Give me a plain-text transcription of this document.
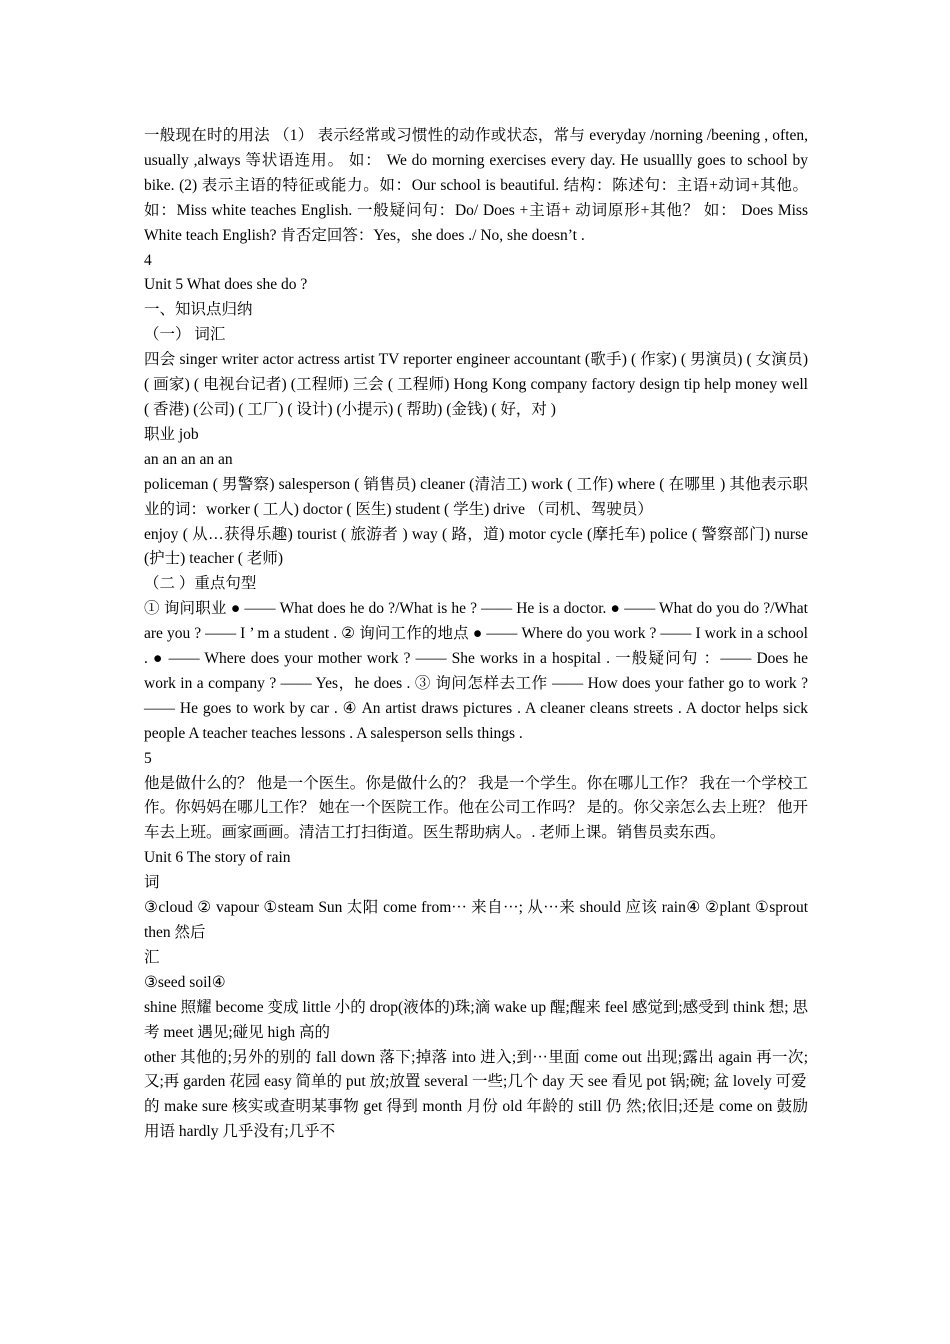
一般现在时的用法 （1） 表示经常或习惯性的动作或状态，常与 everyday /norning /beening , often, usually ,always 等状语连用。 如： We do morning exercises every day. He usuallly goes to school by bike. (2) 表示主语的特征或能力。如：Our school is beautiful. 结构：陈述句：主语+动词+其他。如：Miss white teaches English. 一般疑问句：Do/ Does +主语+ 动词原形+其他？ 如： Does Miss White teach English? 肯否定回答：Yes，she does ./ No, she doesn’t .
4
Unit 5 What does she do ?
一、知识点归纳
（一） 词汇
四会 singer writer actor actress artist TV reporter engineer accountant (歌手) ( 作家) ( 男演员) ( 女演员) ( 画家) ( 电视台记者) (工程师) 三会 ( 工程师) Hong Kong company factory design tip help money well ( 香港) (公司) ( 工厂) ( 设计) (小提示) ( 帮助) (金钱) ( 好，对 )
职业 job
an an an an an
policeman ( 男警察) salesperson ( 销售员) cleaner (清洁工) work ( 工作) where ( 在哪里 ) 其他表示职业的词：worker ( 工人) doctor ( 医生) student ( 学生) drive （司机、驾驶员）
enjoy ( 从…获得乐趣) tourist ( 旅游者 ) way ( 路，道) motor cycle (摩托车) police ( 警察部门) nurse (护士) teacher ( 老师)
（二 ）重点句型
① 询问职业 ● —— What does he do ?/What is he ? —— He is a doctor. ● —— What do you do ?/What are you ? —— I ’ m a student . ② 询问工作的地点 ● —— Where do you work ? —— I work in a school . ● —— Where does your mother work ? —— She works in a hospital . 一般疑问句 ：—— Does he work in a company ? —— Yes，he does . ③ 询问怎样去工作 —— How does your father go to work ? —— He goes to work by car . ④ An artist draws pictures . A cleaner cleans streets . A doctor helps sick people A teacher teaches lessons . A salesperson sells things .
5
他是做什么的？ 他是一个医生。你是做什么的？ 我是一个学生。你在哪儿工作？ 我在一个学校工作。你妈妈在哪儿工作？ 她在一个医院工作。他在公司工作吗？ 是的。你父亲怎么去上班？ 他开车去上班。画家画画。清洁工打扫街道。医生帮助病人。. 老师上课。销售员卖东西。
Unit 6 The story of rain
词
③cloud ② vapour ①steam Sun 太阳 come from··· 来自···; 从···来 should 应该 rain④ ②plant ①sprout then 然后
汇
③seed soil④
shine 照耀 become 变成 little 小的 drop(液体的)珠;滴 wake up 醒;醒来 feel 感觉到;感受到 think 想; 思考 meet 遇见;碰见 high 高的
other 其他的;另外的别的 fall down 落下;掉落 into 进入;到···里面 come out 出现;露出 again 再一次;又;再 garden 花园 easy 简单的 put 放;放置 several 一些;几个 day 天 see 看见 pot 锅;碗; 盆 lovely 可爱
的 make sure 核实或查明某事物 get 得到 month 月份 old 年龄的 still 仍 然;依旧;还是 come on 鼓励用语 hardly 几乎没有;几乎不
